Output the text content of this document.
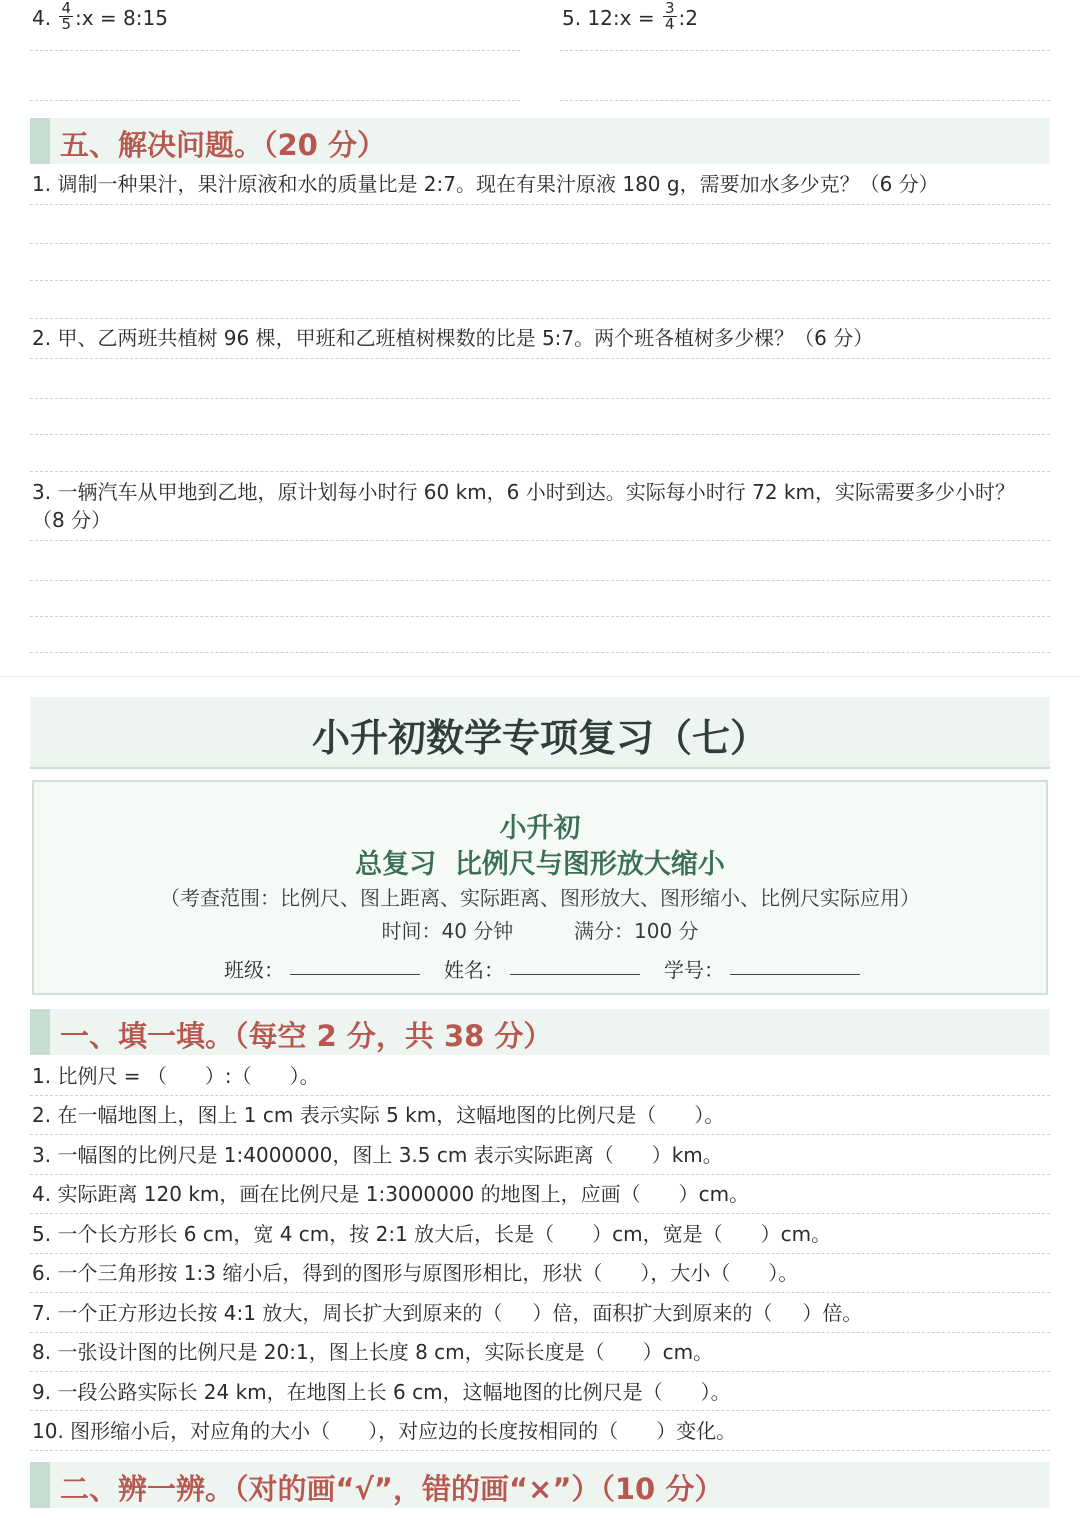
4. $\frac{4}{5}$ :x = 8:15	5. 12:x = $\frac{3}{4}$ :2
五、解决问题。（20 分）
1. 调制一种果汁，果汁原液和水的质量比是 2:7。现在有果汁原液 180 g，需要加水多少克？（6 分）
2. 甲、乙两班共植树 96 棵，甲班和乙班植树棵数的比是 5:7。两个班各植树多少棵？（6 分）
3. 一辆汽车从甲地到乙地，原计划每小时行 60 km，6 小时到达。实际每小时行 72 km，实际需要多少小时？（8 分）
小升初数学专项复习（七）
小升初
总复习  比例尺与图形放大缩小
（考查范围：比例尺、图上距离、实际距离、图形放大、图形缩小、比例尺实际应用）
时间：40 分钟	满分：100 分
班级：	姓名：	学号：
一、填一填。（每空 2 分，共 38 分）
1. 比例尺 = （ ）:（ ）。
2. 在一幅地图上，图上 1 cm 表示实际 5 km，这幅地图的比例尺是（ ）。
3. 一幅图的比例尺是 1:4000000，图上 3.5 cm 表示实际距离（ ）km。
4. 实际距离 120 km，画在比例尺是 1:3000000 的地图上，应画（ ）cm。
5. 一个长方形长 6 cm，宽 4 cm，按 2:1 放大后，长是（ ）cm，宽是（ ）cm。
6. 一个三角形按 1:3 缩小后，得到的图形与原图形相比，形状（ ），大小（ ）。
7. 一个正方形边长按 4:1 放大，周长扩大到原来的（ ）倍，面积扩大到原来的（ ）倍。
8. 一张设计图的比例尺是 20:1，图上长度 8 cm，实际长度是（ ）cm。
9. 一段公路实际长 24 km，在地图上长 6 cm，这幅地图的比例尺是（ ）。
10. 图形缩小后，对应角的大小（ ），对应边的长度按相同的（ ）变化。
二、辨一辨。（对的画“√”，错的画“×”）（10 分）
